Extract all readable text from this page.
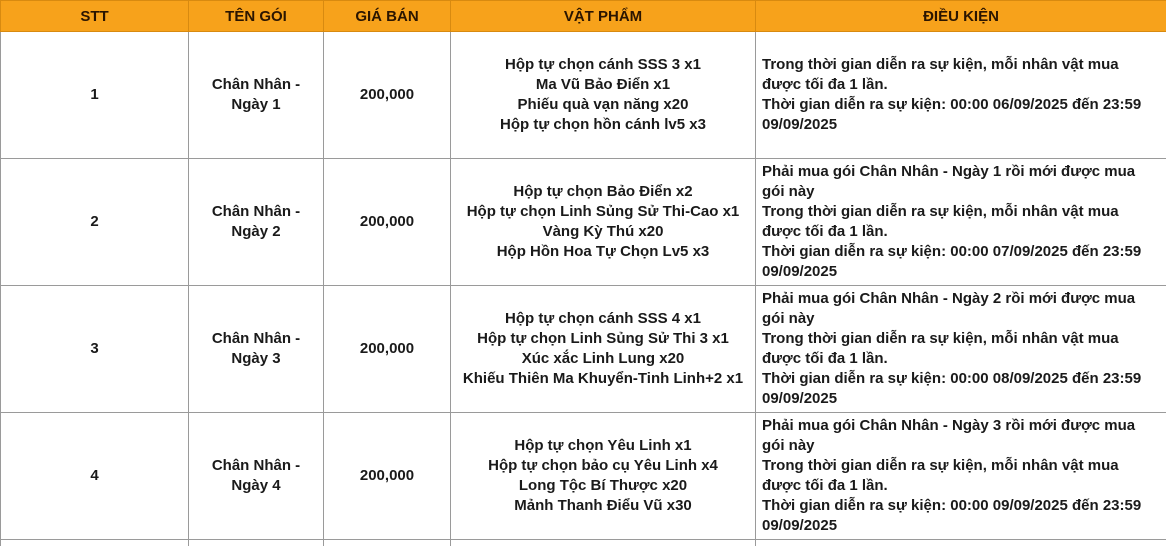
STT	TÊN GÓI	GIÁ BÁN	VẬT PHẨM	ĐIỀU KIỆN
1	Chân Nhân - Ngày 1	200,000	Hộp tự chọn cánh SSS 3 x1
Ma Vũ Bảo Điển x1
Phiếu quà vạn năng x20
Hộp tự chọn hồn cánh lv5 x3	Trong thời gian diễn ra sự kiện, mỗi nhân vật mua được tối đa 1 lần.
Thời gian diễn ra sự kiện: 00:00 06/09/2025 đến 23:59 09/09/2025

2	Chân Nhân - Ngày 2	200,000	Hộp tự chọn Bảo Điển x2
Hộp tự chọn Linh Sủng Sử Thi-Cao x1
Vàng Kỳ Thú x20
Hộp Hồn Hoa Tự Chọn Lv5 x3	Phải mua gói Chân Nhân - Ngày 1 rồi mới được mua gói này
Trong thời gian diễn ra sự kiện, mỗi nhân vật mua được tối đa 1 lần.
Thời gian diễn ra sự kiện: 00:00 07/09/2025 đến 23:59 09/09/2025

3	Chân Nhân - Ngày 3	200,000	Hộp tự chọn cánh SSS 4 x1
Hộp tự chọn Linh Sủng Sử Thi 3 x1
Xúc xắc Linh Lung x20
Khiếu Thiên Ma Khuyển-Tinh Linh+2 x1	Phải mua gói Chân Nhân - Ngày 2 rồi mới được mua gói này
Trong thời gian diễn ra sự kiện, mỗi nhân vật mua được tối đa 1 lần.
Thời gian diễn ra sự kiện: 00:00 08/09/2025 đến 23:59 09/09/2025

4	Chân Nhân - Ngày 4	200,000	Hộp tự chọn Yêu Linh x1
Hộp tự chọn bảo cụ Yêu Linh x4
Long Tộc Bí Thược x20
Mảnh Thanh Điểu Vũ x30	Phải mua gói Chân Nhân - Ngày 3 rồi mới được mua gói này
Trong thời gian diễn ra sự kiện, mỗi nhân vật mua được tối đa 1 lần.
Thời gian diễn ra sự kiện: 00:00 09/09/2025 đến 23:59 09/09/2025
